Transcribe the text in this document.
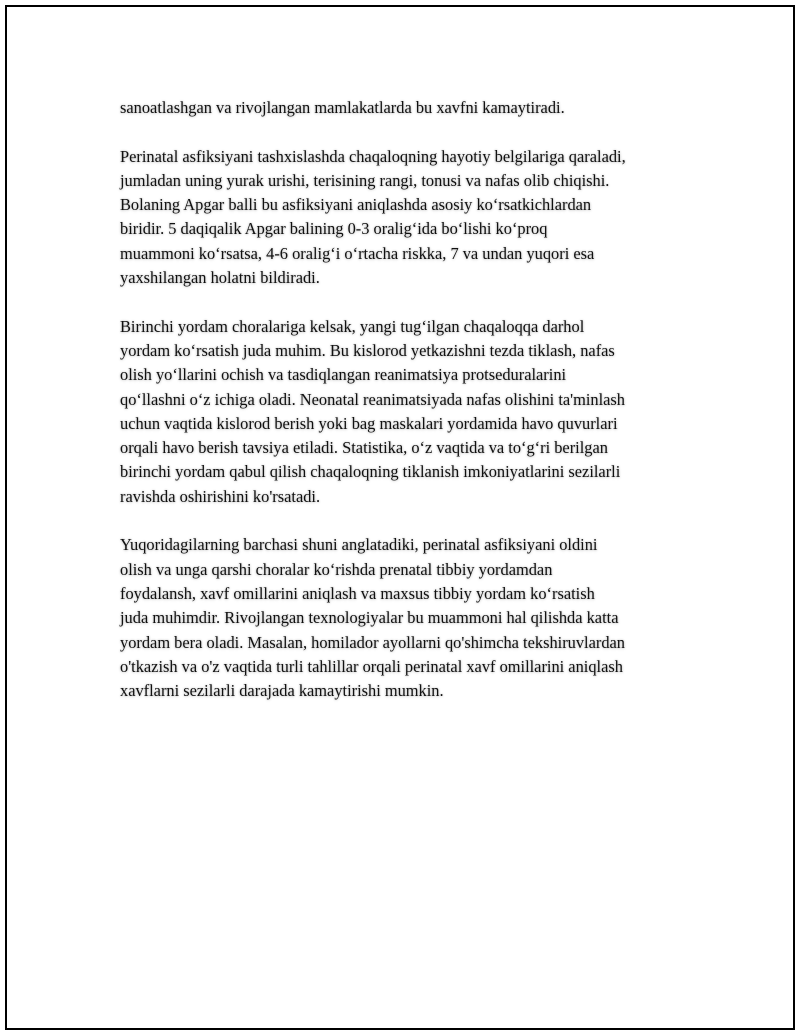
sanoatlashgan va rivojlangan mamlakatlarda bu xavfni kamaytiradi.

Perinatal asfiksiyani tashxislashda chaqaloqning hayotiy belgilariga qaraladi,
jumladan uning yurak urishi, terisining rangi, tonusi va nafas olib chiqishi.
Bolaning Apgar balli bu asfiksiyani aniqlashda asosiy ko‘rsatkichlardan
biridir. 5 daqiqalik Apgar balining 0-3 oralig‘ida bo‘lishi ko‘proq
muammoni ko‘rsatsa, 4-6 oralig‘i o‘rtacha riskka, 7 va undan yuqori esa
yaxshilangan holatni bildiradi.

Birinchi yordam choralariga kelsak, yangi tug‘ilgan chaqaloqqa darhol
yordam ko‘rsatish juda muhim. Bu kislorod yetkazishni tezda tiklash, nafas
olish yo‘llarini ochish va tasdiqlangan reanimatsiya protseduralarini
qo‘llashni o‘z ichiga oladi. Neonatal reanimatsiyada nafas olishini ta'minlash
uchun vaqtida kislorod berish yoki bag maskalari yordamida havo quvurlari
orqali havo berish tavsiya etiladi. Statistika, o‘z vaqtida va to‘g‘ri berilgan
birinchi yordam qabul qilish chaqaloqning tiklanish imkoniyatlarini sezilarli
ravishda oshirishini ko'rsatadi.

Yuqoridagilarning barchasi shuni anglatadiki, perinatal asfiksiyani oldini
olish va unga qarshi choralar ko‘rishda prenatal tibbiy yordamdan
foydalansh, xavf omillarini aniqlash va maxsus tibbiy yordam ko‘rsatish
juda muhimdir. Rivojlangan texnologiyalar bu muammoni hal qilishda katta
yordam bera oladi. Masalan, homilador ayollarni qo'shimcha tekshiruvlardan
o'tkazish va o'z vaqtida turli tahlillar orqali perinatal xavf omillarini aniqlash
xavflarni sezilarli darajada kamaytirishi mumkin.
